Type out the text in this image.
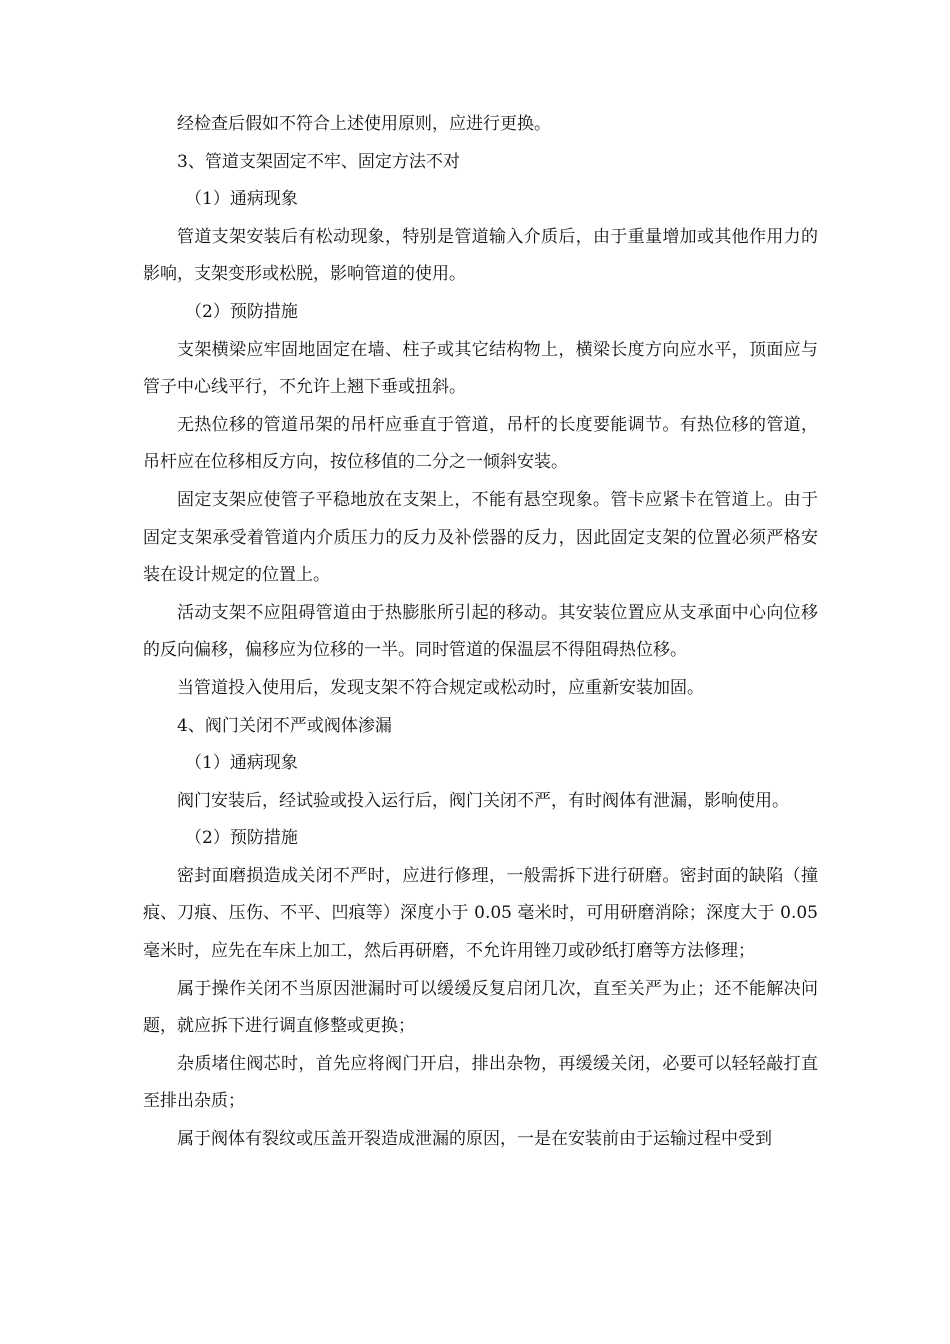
经检查后假如不符合上述使用原则，应进行更换。

3、管道支架固定不牢、固定方法不对

（1）通病现象

管道支架安装后有松动现象，特别是管道输入介质后，由于重量增加或其他作用力的影响，支架变形或松脱，影响管道的使用。

（2）预防措施

支架横梁应牢固地固定在墙、柱子或其它结构物上，横梁长度方向应水平，顶面应与管子中心线平行，不允许上翘下垂或扭斜。

无热位移的管道吊架的吊杆应垂直于管道，吊杆的长度要能调节。有热位移的管道，吊杆应在位移相反方向，按位移值的二分之一倾斜安装。

固定支架应使管子平稳地放在支架上，不能有悬空现象。管卡应紧卡在管道上。由于固定支架承受着管道内介质压力的反力及补偿器的反力，因此固定支架的位置必须严格安装在设计规定的位置上。

活动支架不应阻碍管道由于热膨胀所引起的移动。其安装位置应从支承面中心向位移的反向偏移，偏移应为位移的一半。同时管道的保温层不得阻碍热位移。

当管道投入使用后，发现支架不符合规定或松动时，应重新安装加固。

4、阀门关闭不严或阀体渗漏

（1）通病现象

阀门安装后，经试验或投入运行后，阀门关闭不严，有时阀体有泄漏，影响使用。

（2）预防措施

密封面磨损造成关闭不严时，应进行修理，一般需拆下进行研磨。密封面的缺陷（撞痕、刀痕、压伤、不平、凹痕等）深度小于 0.05 毫米时，可用研磨消除；深度大于 0.05 毫米时，应先在车床上加工，然后再研磨，不允许用锉刀或砂纸打磨等方法修理；

属于操作关闭不当原因泄漏时可以缓缓反复启闭几次，直至关严为止；还不能解决问题，就应拆下进行调直修整或更换；

杂质堵住阀芯时，首先应将阀门开启，排出杂物，再缓缓关闭，必要可以轻轻敲打直至排出杂质；

属于阀体有裂纹或压盖开裂造成泄漏的原因，一是在安装前由于运输过程中受到
